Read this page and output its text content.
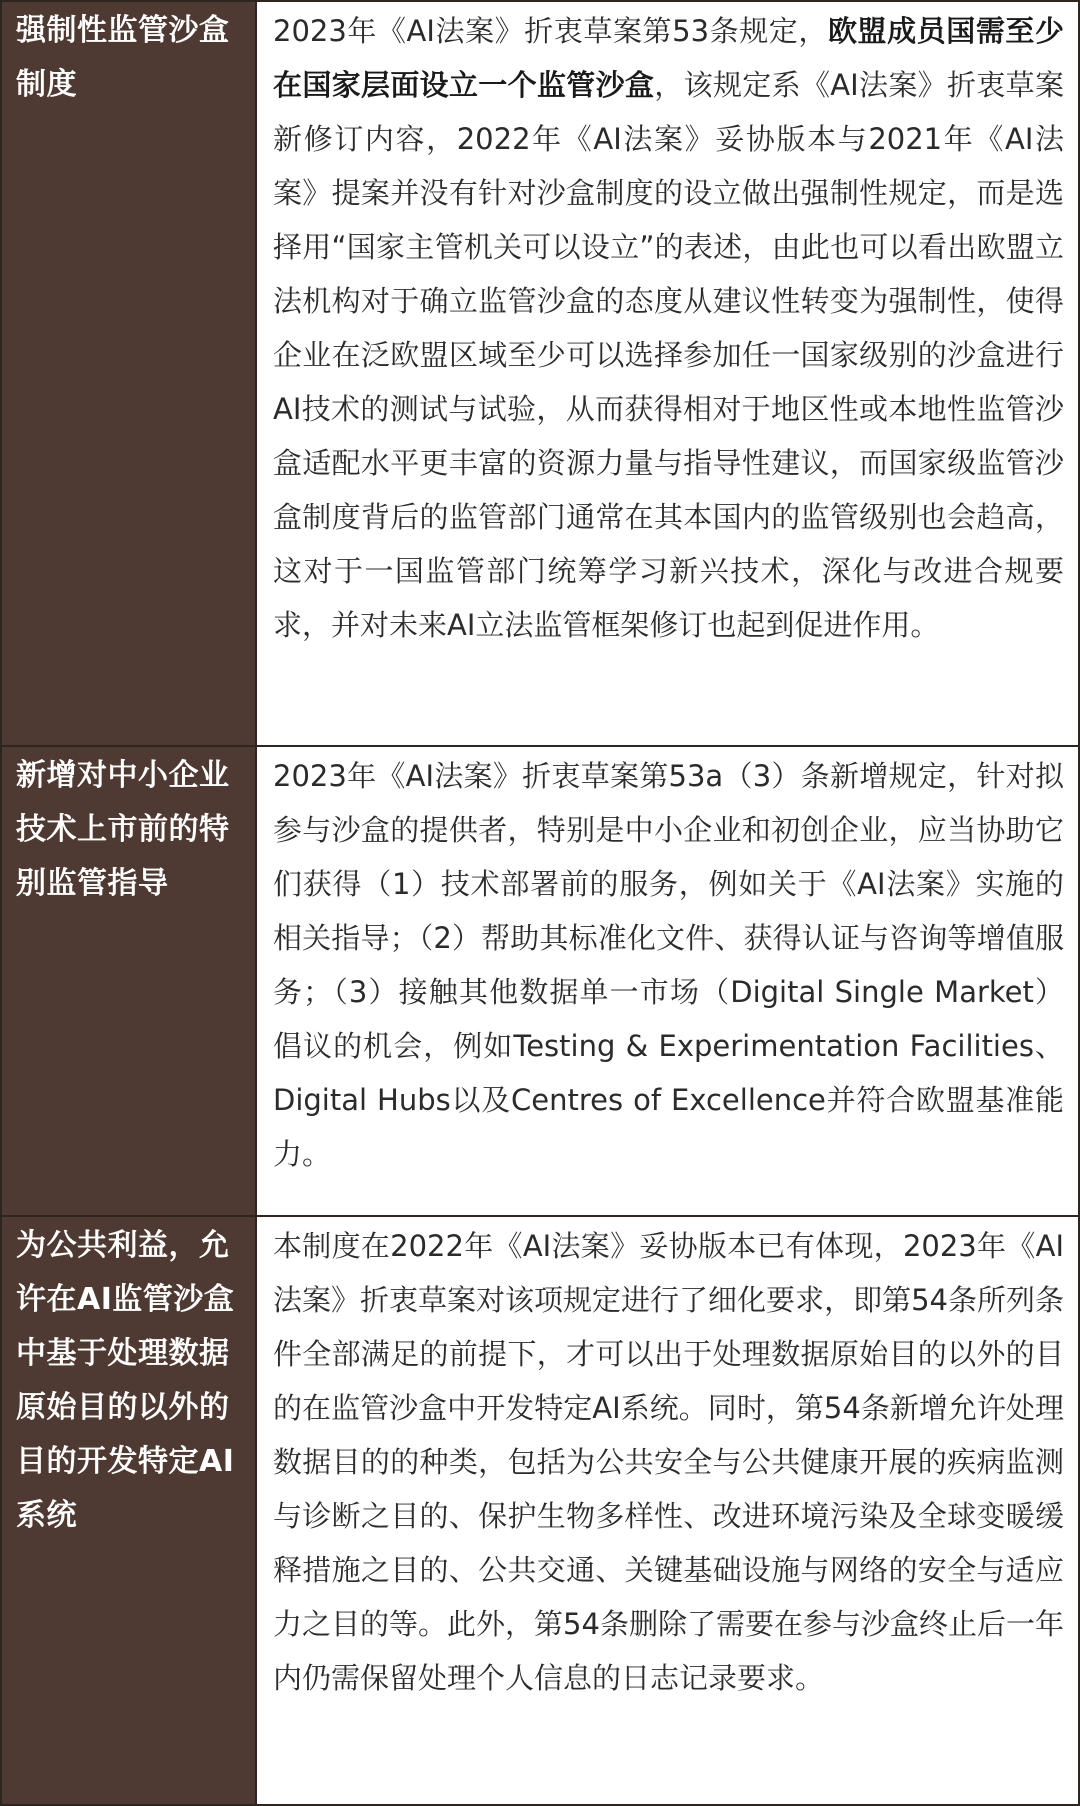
强制性监管沙盒制度	2023年《AI法案》折衷草案第53条规定，欧盟成员国需至少在国家层面设立一个监管沙盒，该规定系《AI法案》折衷草案新修订内容，2022年《AI法案》妥协版本与2021年《AI法案》提案并没有针对沙盒制度的设立做出强制性规定，而是选择用“国家主管机关可以设立”的表述，由此也可以看出欧盟立法机构对于确立监管沙盒的态度从建议性转变为强制性，使得企业在泛欧盟区域至少可以选择参加任一国家级别的沙盒进行AI技术的测试与试验，从而获得相对于地区性或本地性监管沙盒适配水平更丰富的资源力量与指导性建议，而国家级监管沙盒制度背后的监管部门通常在其本国内的监管级别也会趋高，这对于一国监管部门统筹学习新兴技术，深化与改进合规要求，并对未来AI立法监管框架修订也起到促进作用。
新增对中小企业技术上市前的特别监管指导	2023年《AI法案》折衷草案第53a（3）条新增规定，针对拟参与沙盒的提供者，特别是中小企业和初创企业，应当协助它们获得（1）技术部署前的服务，例如关于《AI法案》实施的相关指导；（2）帮助其标准化文件、获得认证与咨询等增值服务；（3）接触其他数据单一市场（Digital Single Market）倡议的机会，例如Testing & Experimentation Facilities、Digital Hubs以及Centres of Excellence并符合欧盟基准能力。
为公共利益，允许在AI监管沙盒中基于处理数据原始目的以外的目的开发特定AI系统	本制度在2022年《AI法案》妥协版本已有体现，2023年《AI法案》折衷草案对该项规定进行了细化要求，即第54条所列条件全部满足的前提下，才可以出于处理数据原始目的以外的目的在监管沙盒中开发特定AI系统。同时，第54条新增允许处理数据目的的种类，包括为公共安全与公共健康开展的疾病监测与诊断之目的、保护生物多样性、改进环境污染及全球变暖缓释措施之目的、公共交通、关键基础设施与网络的安全与适应力之目的等。此外，第54条删除了需要在参与沙盒终止后一年内仍需保留处理个人信息的日志记录要求。
